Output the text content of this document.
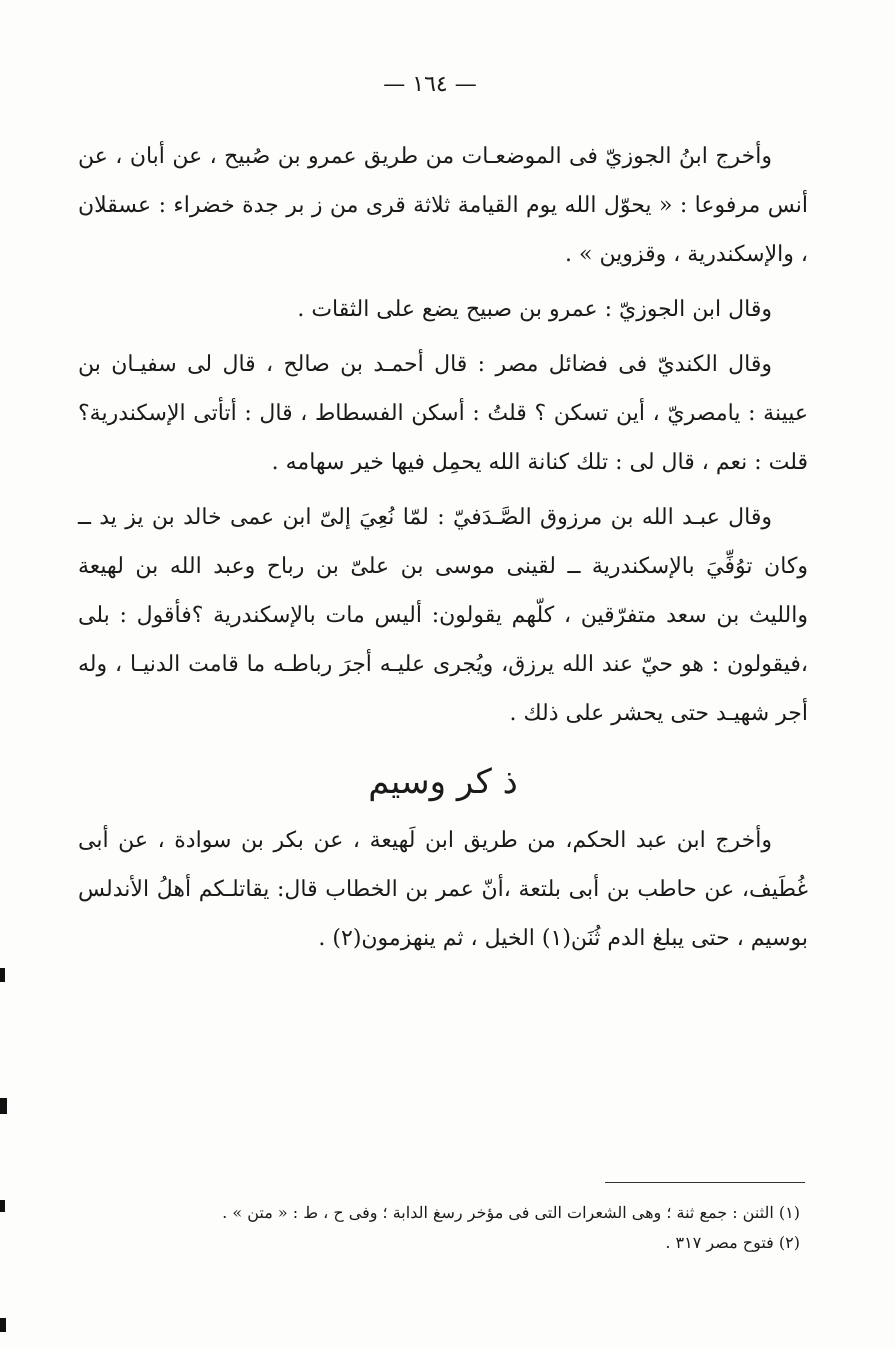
— ١٦٤ —

وأخرج ابنُ الجوزيّ فى الموضعـات من طريق عمرو بن صُبيح ، عن أبان ، عن أنس مرفوعا : « يحوّل الله يوم القيامة ثلاثة قرى من ز بر جدة خضراء : عسقلان ، والإسكندرية ، وقزوين » .

وقال ابن الجوزيّ : عمرو بن صبيح يضع على الثقات .

وقال الكنديّ فى فضائل مصر : قال أحمـد بن صالح ، قال لى سفيـان بن عيينة : يامصريّ ، أين تسكن ؟ قلتُ : أسكن الفسطاط ، قال : أتأتى الإسكندرية؟ قلت : نعم ، قال لى : تلك كنانة الله يحمِل فيها خير سهامه .

وقال عبـد الله بن مرزوق الصَّـدَفيّ : لمّا نُعِيَ إلىّ ابن عمى خالد بن يز يد ــ وكان توُفِّيَ بالإسكندرية ــ لقينى موسى بن علىّ بن رباح وعبد الله بن لهيعة والليث بن سعد متفرّقين ، كلّهم يقولون: أليس مات بالإسكندرية ؟فأقول : بلى ،فيقولون : هو حيّ عند الله يرزق، ويُجرى عليـه أجرَ رباطـه ما قامت الدنيـا ، وله أجر شهيـد حتى يحشر على ذلك .

ذ كر وسيم

وأخرج ابن عبد الحكم، من طريق ابن لَهيعة ، عن بكر بن سوادة ، عن أبى غُطَيف، عن حاطب بن أبى بلتعة ،أنّ عمر بن الخطاب قال: يقاتلـكم أهلُ الأندلس بوسيم ، حتى يبلغ الدم ثُنَن(١) الخيل ، ثم ينهزمون(٢) .

(١) الثنن : جمع ثنة ؛ وهى الشعرات التى فى مؤخر رسغ الدابة ؛ وفى ح ، ط : « متن » .

(٢) فتوح مصر ٣١٧ .
